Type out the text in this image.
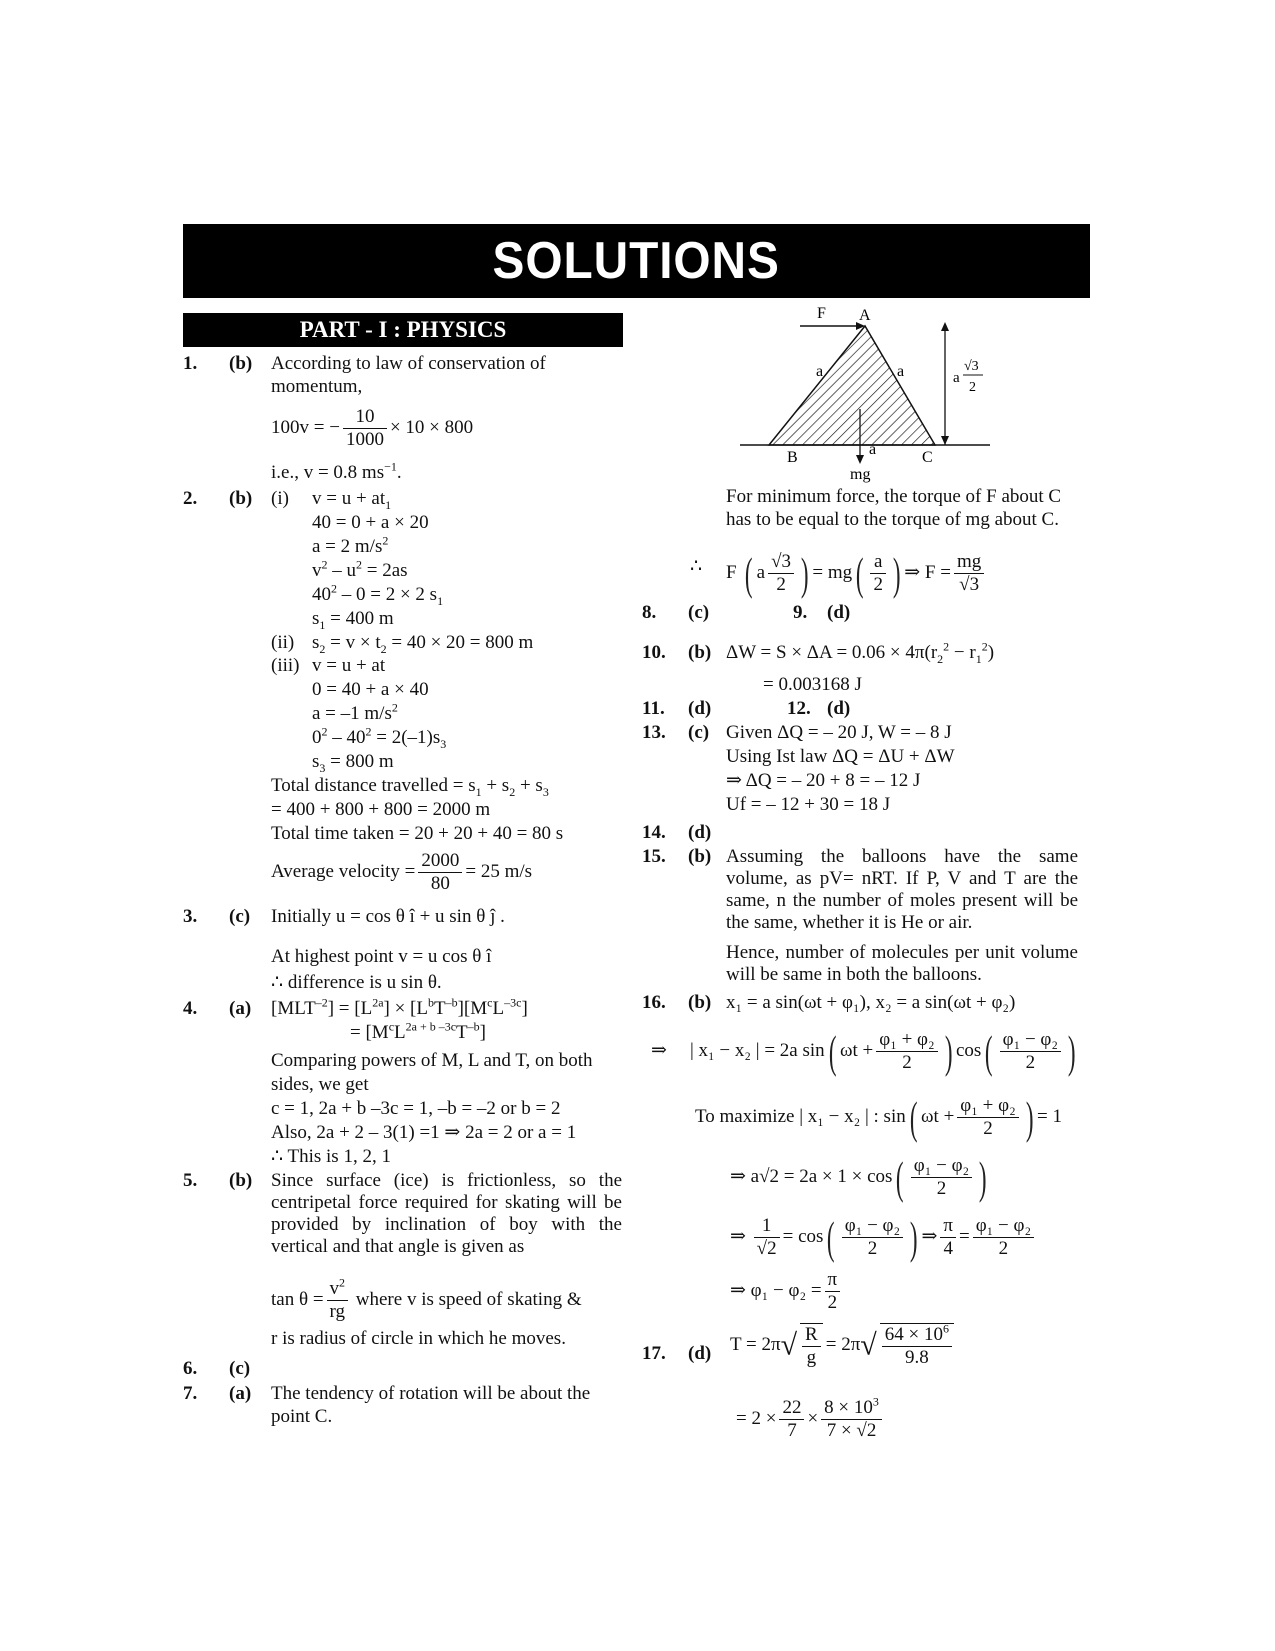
SOLUTIONS
PART - I : PHYSICS
1. (b) According to law of conservation of
momentum,
100v = − $\frac{10}{1000} \times 10 \times 800$
i.e., v = 0.8 $ms^{-1}$.
2. (b) (i) $v = u + at_1$
40 = 0 + a × 20
a = 2 $m/s^2$
$v^2 - u^2 = 2as$
$40^2 - 0 = 2 \times 2$ $s_1$
$s_1 = 400$ m
(ii) $s_2 = v \times t_2 = 40 \times 20 = 800$ m
(iii) v = u + at
0 = 40 + a × 40
a = –1 $m/s^2$
$0^2 - 40^2 = 2(-1)s_3$
$s_3 = 800$ m
Total distance travelled = $s_1 + s_2 + s_3$
= 400 + 800 + 800 = 2000 m
Total time taken = 20 + 20 + 40 = 80 s
Average velocity = $\frac{2000}{80} = 25$ m/s
3. (c) Initially u = cos θ î + u sin θ ĵ .
At highest point v = u cos θ î
∴ difference is u sin θ.
4. (a) $[MLT^{-2}] = [L^{2a}] \times [L^bT^{-b}][M^cL^{-3c}]$
= $[M^cL^{2a + b -3c}T^{-b}]$
Comparing powers of M, L and T, on both
sides, we get
c = 1, 2a + b –3c = 1, –b = –2 or b = 2
Also, 2a + 2 – 3(1) =1 ⇒ 2a = 2 or a = 1
∴ This is 1, 2, 1
5. (b) Since surface (ice) is frictionless, so the centripetal force required for skating will be provided by inclination of boy with the vertical and that angle is given as
$\tan \theta = \frac{v^2}{rg}$ where v is speed of skating &
r is radius of circle in which he moves.
6. (c)
7. (a) The tendency of rotation will be about the
point C.
F A
a	a
B	a	C
mg
a
√3
2
For minimum force, the torque of F about C
has to be equal to the torque of mg about C.
∴ F ( a $\frac{√3}{2}$ ) = $mg( \frac{a}{2}$ ) ⇒ $F = \frac{mg}{√3}$
8. (c)	9. (d)
10. (b) $\Delta W = S \times \Delta A = 0.06 \times 4\pi(r_2^2 - r_1^2)$
= 0.003168 J
11. (d)	12. (d)
13. (c) Given ΔQ = – 20 J, W = – 8 J
Using Ist law ΔQ = ΔU + ΔW
⇒ ΔQ = – 20 + 8 = – 12 J
Uf = – 12 + 30 = 18 J
14. (d)
15. (b) Assuming the balloons have the same volume, as pV= nRT. If P, V and T are the same, n the number of moles present will be the same, whether it is He or air.
Hence, number of molecules per unit volume will be same in both the balloons.
16. (b) x₁ = a sin(ωt + φ₁), x₂ = a sin(ωt + φ₂)
⇒ | x₁ − x₂ | = 2a sin( $\omega t + \frac{\text{φ₁ + φ₂}}{2}$ ) $\cos( \frac{\text{φ₁ − φ₂}}{2}$ )
To maximize | x₁ − x₂ | : sin( $\omega t + \frac{\text{φ₁ + φ₂}}{2}$ ) = 1
⇒ $a√2 = 2a \times 1 \times \cos( \frac{\text{φ₁ − φ₂}}{2}$ )
⇒ $\frac{1}{√2} = \cos( \frac{\text{φ₁ − φ₂}}{2}$ ) ⇒ $\frac{\pi}{4} = \frac{\text{φ₁ − φ₂}}{2}$
⇒ $\varphi_1 - \varphi_2 = \frac{\pi}{2}$
17. (d) $T = 2\pi√ \frac{R}{g} = 2\pi√ \frac{64 \times 10^6}{9.8}$
= $2 \times \frac{22}{7} \times \frac{8 \times 10^3}{7 \times √2}$
